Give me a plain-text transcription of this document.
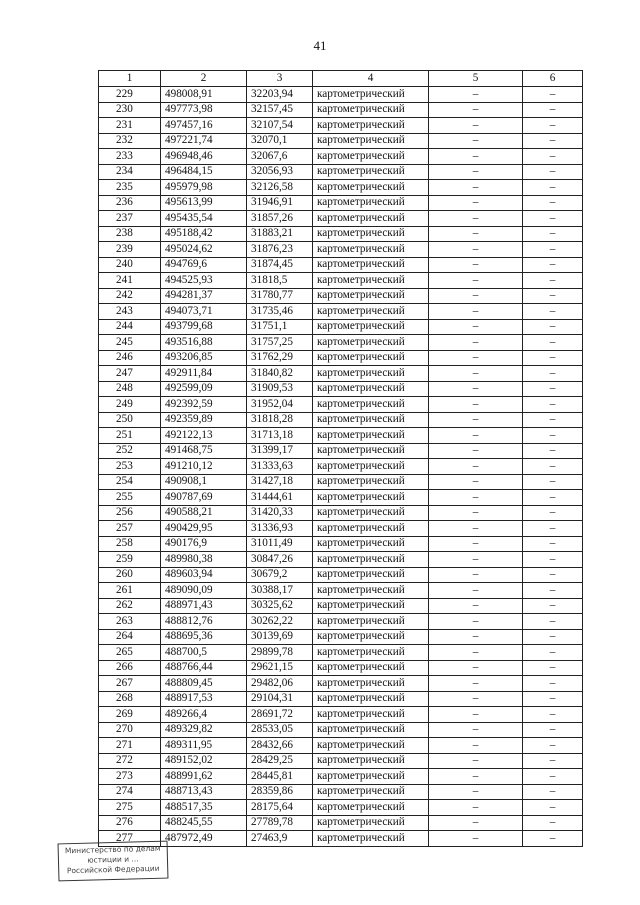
41
1	2	3	4	5	6
229	498008,91	32203,94	картометрический	–	–
230	497773,98	32157,45	картометрический	–	–
231	497457,16	32107,54	картометрический	–	–
232	497221,74	32070,1	картометрический	–	–
233	496948,46	32067,6	картометрический	–	–
234	496484,15	32056,93	картометрический	–	–
235	495979,98	32126,58	картометрический	–	–
236	495613,99	31946,91	картометрический	–	–
237	495435,54	31857,26	картометрический	–	–
238	495188,42	31883,21	картометрический	–	–
239	495024,62	31876,23	картометрический	–	–
240	494769,6	31874,45	картометрический	–	–
241	494525,93	31818,5	картометрический	–	–
242	494281,37	31780,77	картометрический	–	–
243	494073,71	31735,46	картометрический	–	–
244	493799,68	31751,1	картометрический	–	–
245	493516,88	31757,25	картометрический	–	–
246	493206,85	31762,29	картометрический	–	–
247	492911,84	31840,82	картометрический	–	–
248	492599,09	31909,53	картометрический	–	–
249	492392,59	31952,04	картометрический	–	–
250	492359,89	31818,28	картометрический	–	–
251	492122,13	31713,18	картометрический	–	–
252	491468,75	31399,17	картометрический	–	–
253	491210,12	31333,63	картометрический	–	–
254	490908,1	31427,18	картометрический	–	–
255	490787,69	31444,61	картометрический	–	–
256	490588,21	31420,33	картометрический	–	–
257	490429,95	31336,93	картометрический	–	–
258	490176,9	31011,49	картометрический	–	–
259	489980,38	30847,26	картометрический	–	–
260	489603,94	30679,2	картометрический	–	–
261	489090,09	30388,17	картометрический	–	–
262	488971,43	30325,62	картометрический	–	–
263	488812,76	30262,22	картометрический	–	–
264	488695,36	30139,69	картометрический	–	–
265	488700,5	29899,78	картометрический	–	–
266	488766,44	29621,15	картометрический	–	–
267	488809,45	29482,06	картометрический	–	–
268	488917,53	29104,31	картометрический	–	–
269	489266,4	28691,72	картометрический	–	–
270	489329,82	28533,05	картометрический	–	–
271	489311,95	28432,66	картометрический	–	–
272	489152,02	28429,25	картометрический	–	–
273	488991,62	28445,81	картометрический	–	–
274	488713,43	28359,86	картометрический	–	–
275	488517,35	28175,64	картометрический	–	–
276	488245,55	27789,78	картометрический	–	–
277	487972,49	27463,9	картометрический	–	–
Министерство по делам
юстиции и ...
Российской Федерации
